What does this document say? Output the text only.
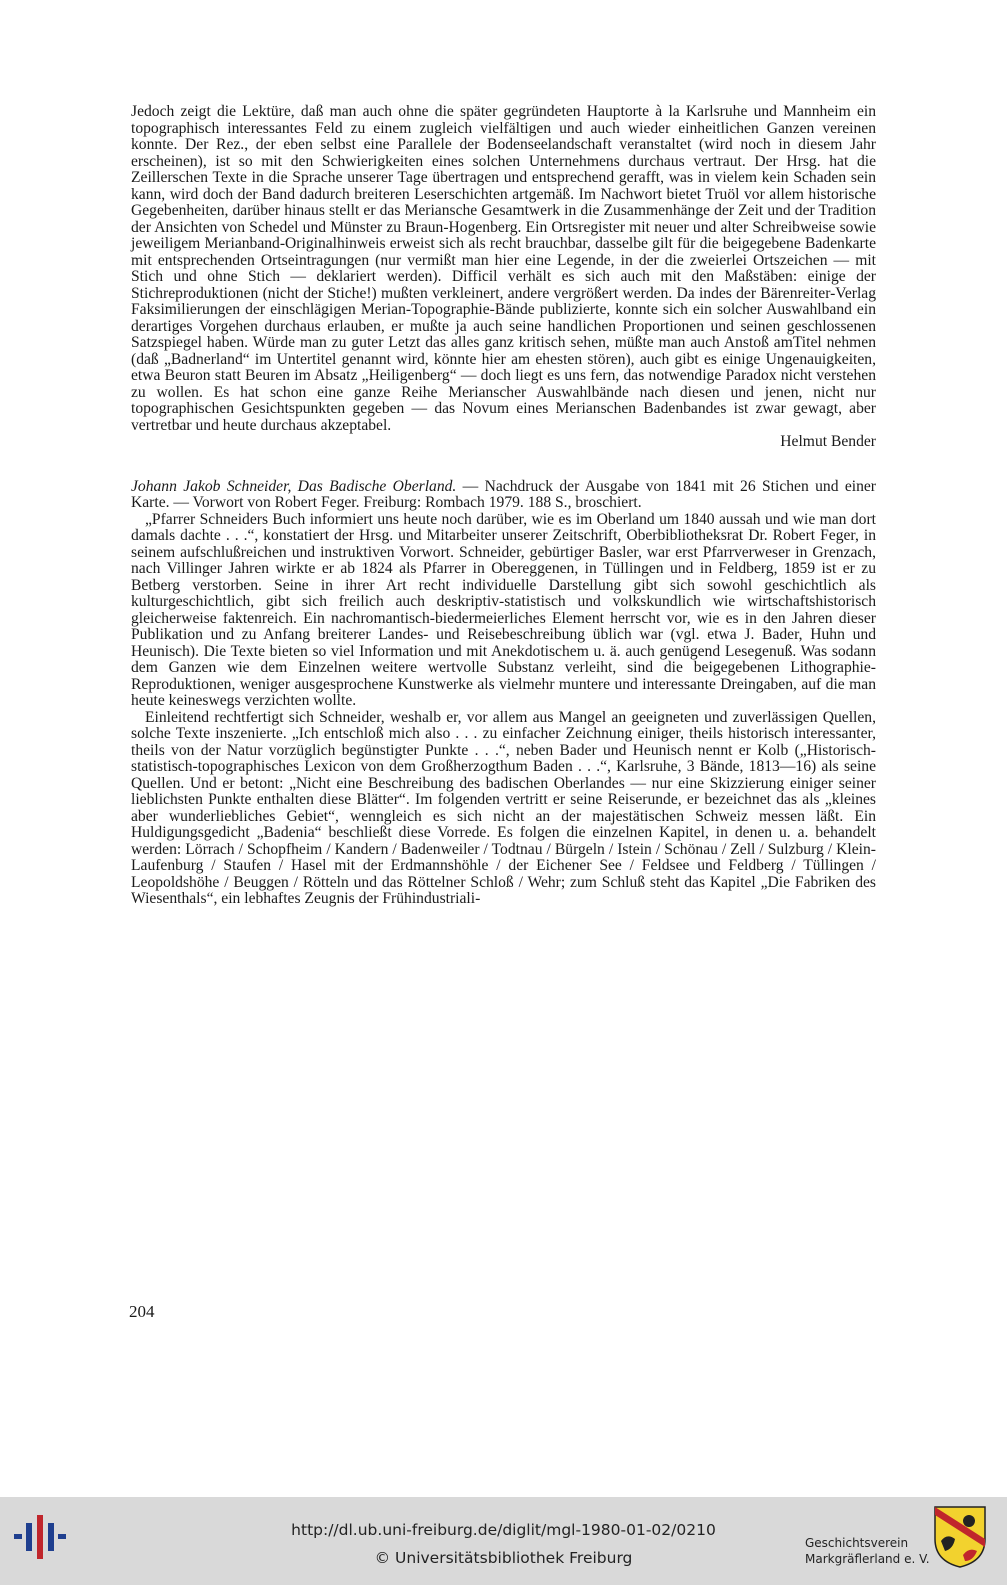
Jedoch zeigt die Lektüre, daß man auch ohne die später gegründeten Hauptorte à la Karlsruhe und Mannheim ein topographisch interessantes Feld zu einem zugleich vielfältigen und auch wieder einheitlichen Ganzen vereinen konnte. Der Rez., der eben selbst eine Parallele der Bodenseelandschaft veranstaltet (wird noch in diesem Jahr erscheinen), ist so mit den Schwierigkeiten eines solchen Unternehmens durchaus vertraut. Der Hrsg. hat die Zeillerschen Texte in die Sprache unserer Tage übertragen und entsprechend gerafft, was in vielem kein Schaden sein kann, wird doch der Band dadurch breiteren Leserschichten artgemäß. Im Nachwort bietet Truöl vor allem historische Gegebenheiten, darüber hinaus stellt er das Meriansche Gesamtwerk in die Zusammenhänge der Zeit und der Tradition der Ansichten von Schedel und Münster zu Braun-Hogenberg. Ein Ortsregister mit neuer und alter Schreibweise sowie jeweiligem Merianband-Originalhinweis erweist sich als recht brauchbar, dasselbe gilt für die beigegebene Badenkarte mit entsprechenden Ortseintragungen (nur vermißt man hier eine Legende, in der die zweierlei Ortszeichen — mit Stich und ohne Stich — deklariert werden). Difficil verhält es sich auch mit den Maßstäben: einige der Stichreproduktionen (nicht der Stiche!) mußten verkleinert, andere vergrößert werden. Da indes der Bärenreiter-Verlag Faksimilierungen der einschlägigen Merian-Topographie-Bände publizierte, konnte sich ein solcher Auswahlband ein derartiges Vorgehen durchaus erlauben, er mußte ja auch seine handlichen Proportionen und seinen geschlossenen Satzspiegel haben. Würde man zu guter Letzt das alles ganz kritisch sehen, müßte man auch Anstoß amTitel nehmen (daß „Badnerland“ im Untertitel genannt wird, könnte hier am ehesten stören), auch gibt es einige Ungenauigkeiten, etwa Beuron statt Beuren im Absatz „Heiligenberg“ — doch liegt es uns fern, das notwendige Paradox nicht verstehen zu wollen. Es hat schon eine ganze Reihe Merianscher Auswahlbände nach diesen und jenen, nicht nur topographischen Gesichtspunkten gegeben — das Novum eines Merianschen Badenbandes ist zwar gewagt, aber vertretbar und heute durchaus akzeptabel.

Helmut Bender

Johann Jakob Schneider, Das Badische Oberland. — Nachdruck der Ausgabe von 1841 mit 26 Stichen und einer Karte. — Vorwort von Robert Feger. Freiburg: Rombach 1979. 188 S., broschiert.

„Pfarrer Schneiders Buch informiert uns heute noch darüber, wie es im Oberland um 1840 aussah und wie man dort damals dachte . . .“, konstatiert der Hrsg. und Mitarbeiter unserer Zeitschrift, Oberbibliotheksrat Dr. Robert Feger, in seinem aufschlußreichen und instruktiven Vorwort. Schneider, gebürtiger Basler, war erst Pfarrverweser in Grenzach, nach Villinger Jahren wirkte er ab 1824 als Pfarrer in Obereggenen, in Tüllingen und in Feldberg, 1859 ist er zu Betberg verstorben. Seine in ihrer Art recht individuelle Darstellung gibt sich sowohl geschichtlich als kulturgeschichtlich, gibt sich freilich auch deskriptiv-statistisch und volkskundlich wie wirtschaftshistorisch gleicherweise faktenreich. Ein nachromantisch-biedermeierliches Element herrscht vor, wie es in den Jahren dieser Publikation und zu Anfang breiterer Landes- und Reisebeschreibung üblich war (vgl. etwa J. Bader, Huhn und Heunisch). Die Texte bieten so viel Information und mit Anekdotischem u. ä. auch genügend Lesegenuß. Was sodann dem Ganzen wie dem Einzelnen weitere wertvolle Substanz verleiht, sind die beigegebenen Lithographie-Reproduktionen, weniger ausgesprochene Kunstwerke als vielmehr muntere und interessante Dreingaben, auf die man heute keineswegs verzichten wollte.

Einleitend rechtfertigt sich Schneider, weshalb er, vor allem aus Mangel an geeigneten und zuverlässigen Quellen, solche Texte inszenierte. „Ich entschloß mich also . . . zu einfacher Zeichnung einiger, theils historisch interessanter, theils von der Natur vorzüglich begünstigter Punkte . . .“, neben Bader und Heunisch nennt er Kolb („Historisch-statistisch-topographisches Lexicon von dem Großherzogthum Baden . . .“, Karlsruhe, 3 Bände, 1813—16) als seine Quellen. Und er betont: „Nicht eine Beschreibung des badischen Oberlandes — nur eine Skizzierung einiger seiner lieblichsten Punkte enthalten diese Blätter“. Im folgenden vertritt er seine Reiserunde, er bezeichnet das als „kleines aber wunderliebliches Gebiet“, wenngleich es sich nicht an der majestätischen Schweiz messen läßt. Ein Huldigungsgedicht „Badenia“ beschließt diese Vorrede. Es folgen die einzelnen Kapitel, in denen u. a. behandelt werden: Lörrach / Schopfheim / Kandern / Badenweiler / Todtnau / Bürgeln / Istein / Schönau / Zell / Sulzburg / Klein-Laufenburg / Staufen / Hasel mit der Erdmannshöhle / der Eichener See / Feldsee und Feldberg / Tüllingen / Leopoldshöhe / Beuggen / Rötteln und das Röttelner Schloß / Wehr; zum Schluß steht das Kapitel „Die Fabriken des Wiesenthals“, ein lebhaftes Zeugnis der Frühindustriali-

204
http://dl.ub.uni-freiburg.de/diglit/mgl-1980-01-02/0210
© Universitätsbibliothek Freiburg
Geschichtsverein
Markgräflerland e. V.
